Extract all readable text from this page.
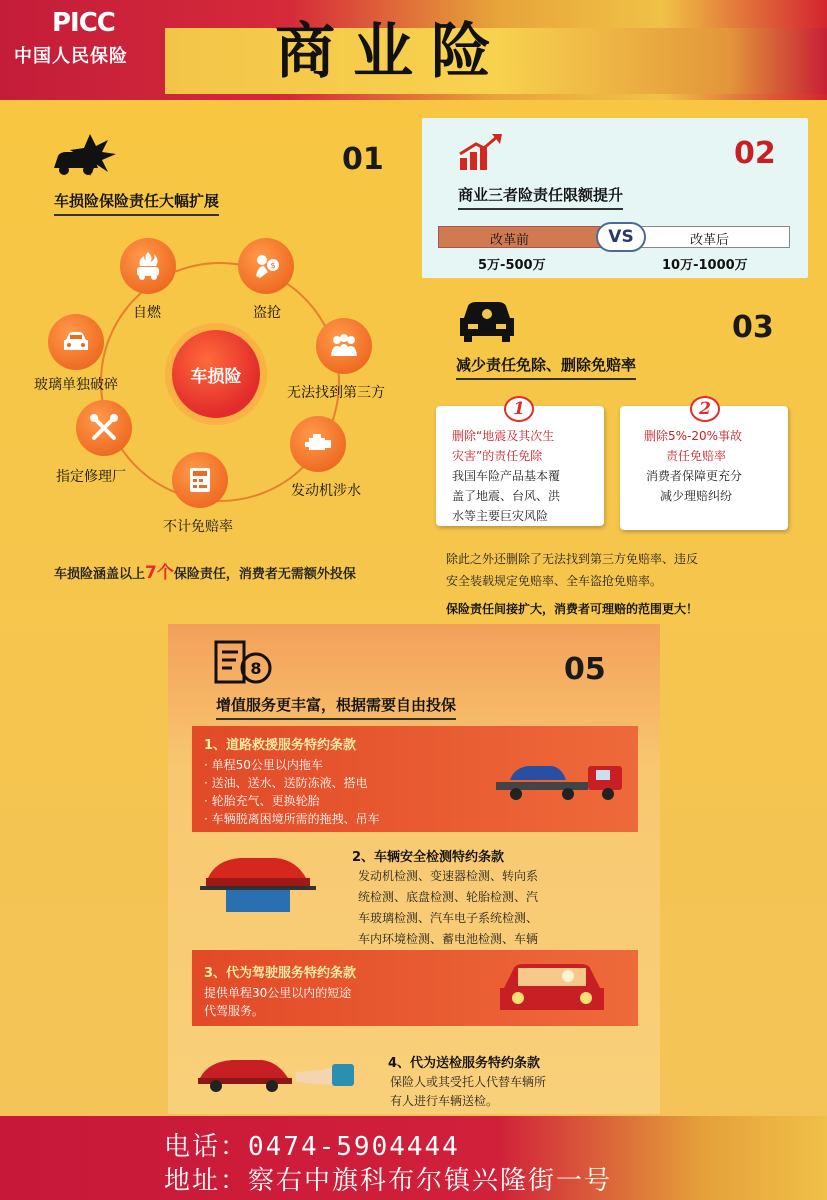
PICC
中国人民保险 商业险
01
车损险保险责任大幅扩展
车损险
自燃
$
盗抢
无法找到第三方
发动机涉水
不计免赔率
指定修理厂
玻璃单独破碎
车损险涵盖以上7个保险责任，消费者无需额外投保
02
商业三者险责任限额提升
改革前	改革后
VS
5万-500万	10万-1000万
03
减少责任免除、删除免赔率
1
删除“地震及其次生
灾害”的责任免除
我国车险产品基本覆
盖了地震、台风、洪
水等主要巨灾风险
2
删除5%-20%事故
责任免赔率
消费者保障更充分
减少理赔纠纷
除此之外还删除了无法找到第三方免赔率、违反
安全装载规定免赔率、全车盗抢免赔率。
保险责任间接扩大，消费者可理赔的范围更大！
8	05
增值服务更丰富，根据需要自由投保
1、道路救援服务特约条款
· 单程50公里以内拖车
· 送油、送水、送防冻液、搭电
· 轮胎充气、更换轮胎
· 车辆脱离困境所需的拖拽、吊车
2、车辆安全检测特约条款
发动机检测、变速器检测、转向系
统检测、底盘检测、轮胎检测、汽
车玻璃检测、汽车电子系统检测、
车内环境检测、蓄电池检测、车辆
3、代为驾驶服务特约条款
提供单程30公里以内的短途
代驾服务。
4、代为送检服务特约条款
保险人或其受托人代替车辆所
有人进行车辆送检。
电话：0474-5904444
地址：察右中旗科布尔镇兴隆街一号
